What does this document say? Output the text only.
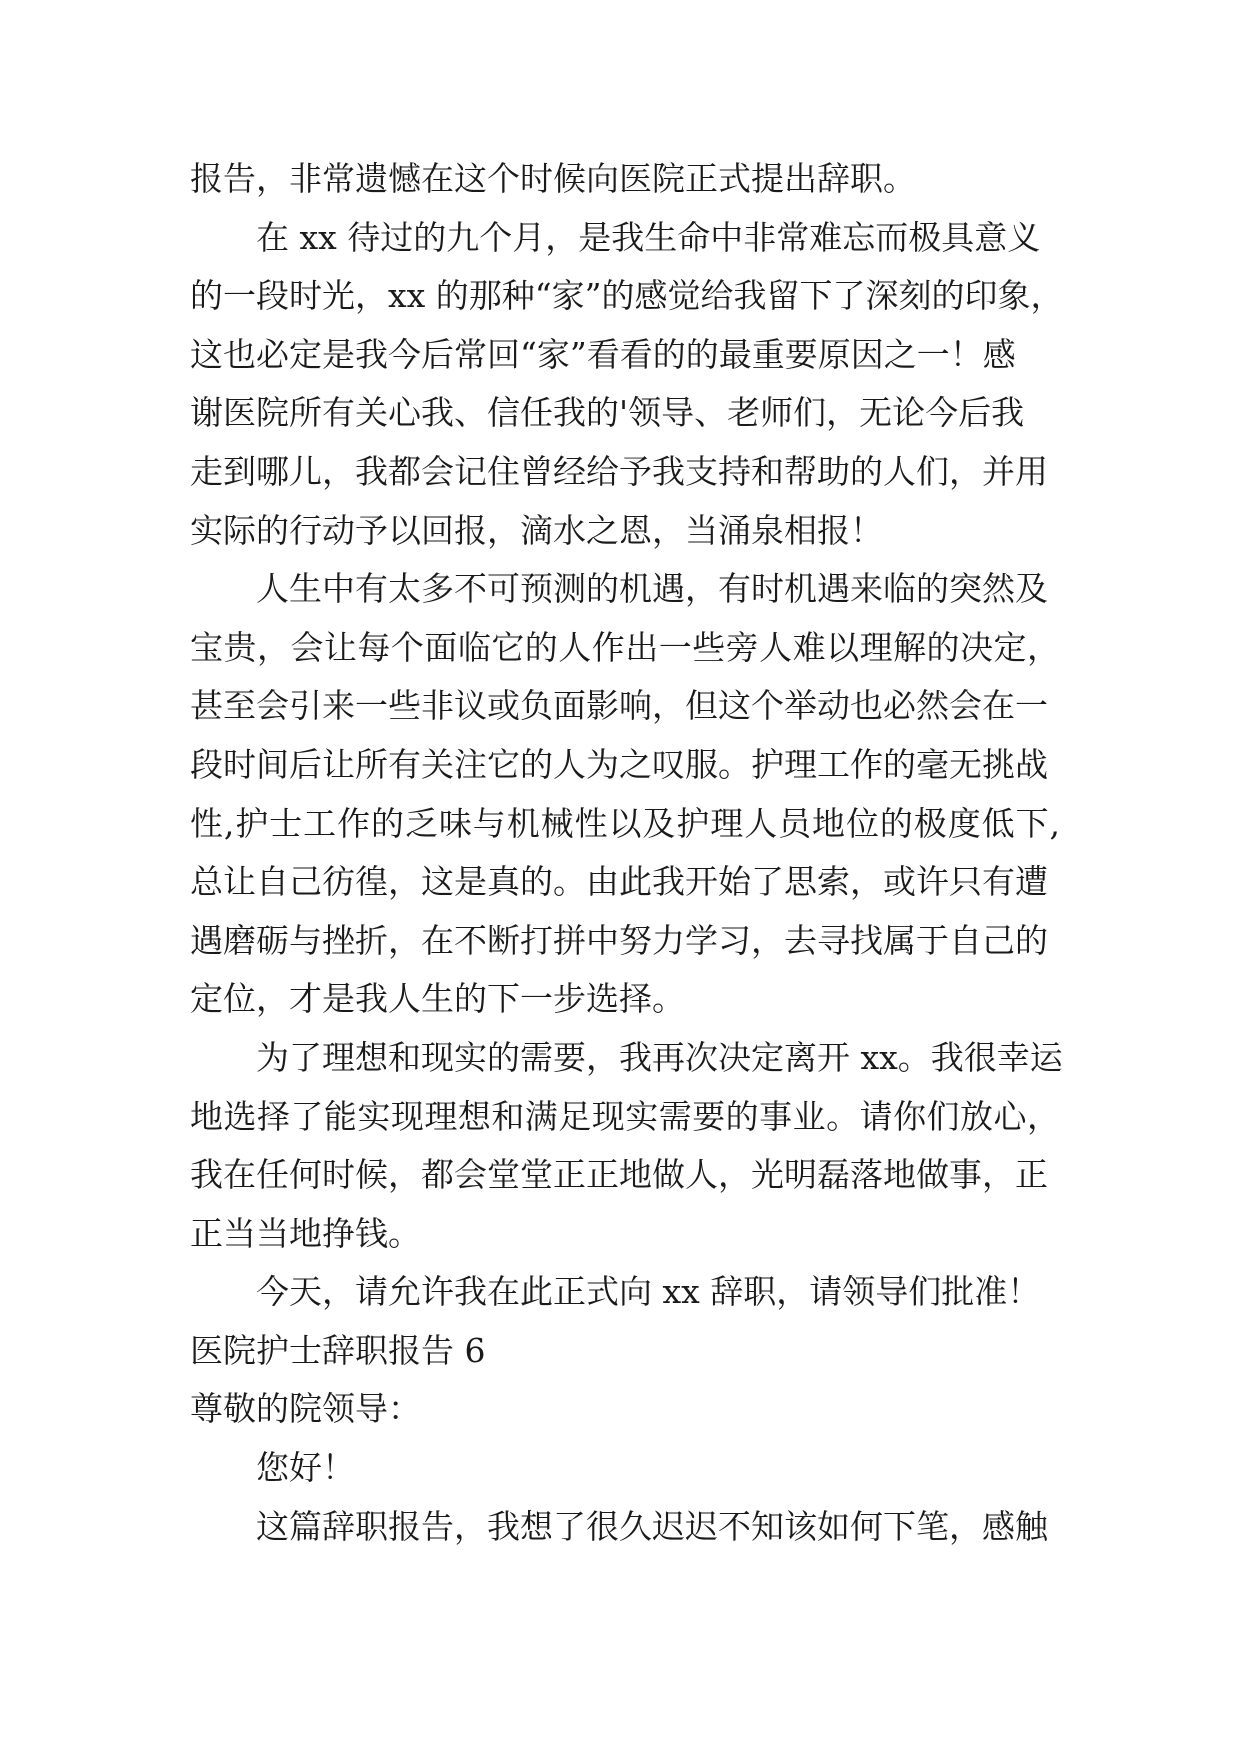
报告，非常遗憾在这个时候向医院正式提出辞职。
在 xx 待过的九个月，是我生命中非常难忘而极具意义
的一段时光，xx 的那种“家”的感觉给我留下了深刻的印象，
这也必定是我今后常回“家”看看的的最重要原因之一！感
谢医院所有关心我、信任我的'领导、老师们，无论今后我
走到哪儿，我都会记住曾经给予我支持和帮助的人们，并用
实际的行动予以回报，滴水之恩，当涌泉相报！
人生中有太多不可预测的机遇，有时机遇来临的突然及
宝贵，会让每个面临它的人作出一些旁人难以理解的决定，
甚至会引来一些非议或负面影响，但这个举动也必然会在一
段时间后让所有关注它的人为之叹服。护理工作的毫无挑战
性,护士工作的乏味与机械性以及护理人员地位的极度低下,
总让自己彷徨，这是真的。由此我开始了思索，或许只有遭
遇磨砺与挫折，在不断打拼中努力学习，去寻找属于自己的
定位，才是我人生的下一步选择。
为了理想和现实的需要，我再次决定离开 xx。我很幸运
地选择了能实现理想和满足现实需要的事业。请你们放心，
我在任何时候，都会堂堂正正地做人，光明磊落地做事，正
正当当地挣钱。
今天，请允许我在此正式向 xx 辞职，请领导们批准！
医院护士辞职报告 6
尊敬的院领导：
您好！
这篇辞职报告，我想了很久迟迟不知该如何下笔，感触
